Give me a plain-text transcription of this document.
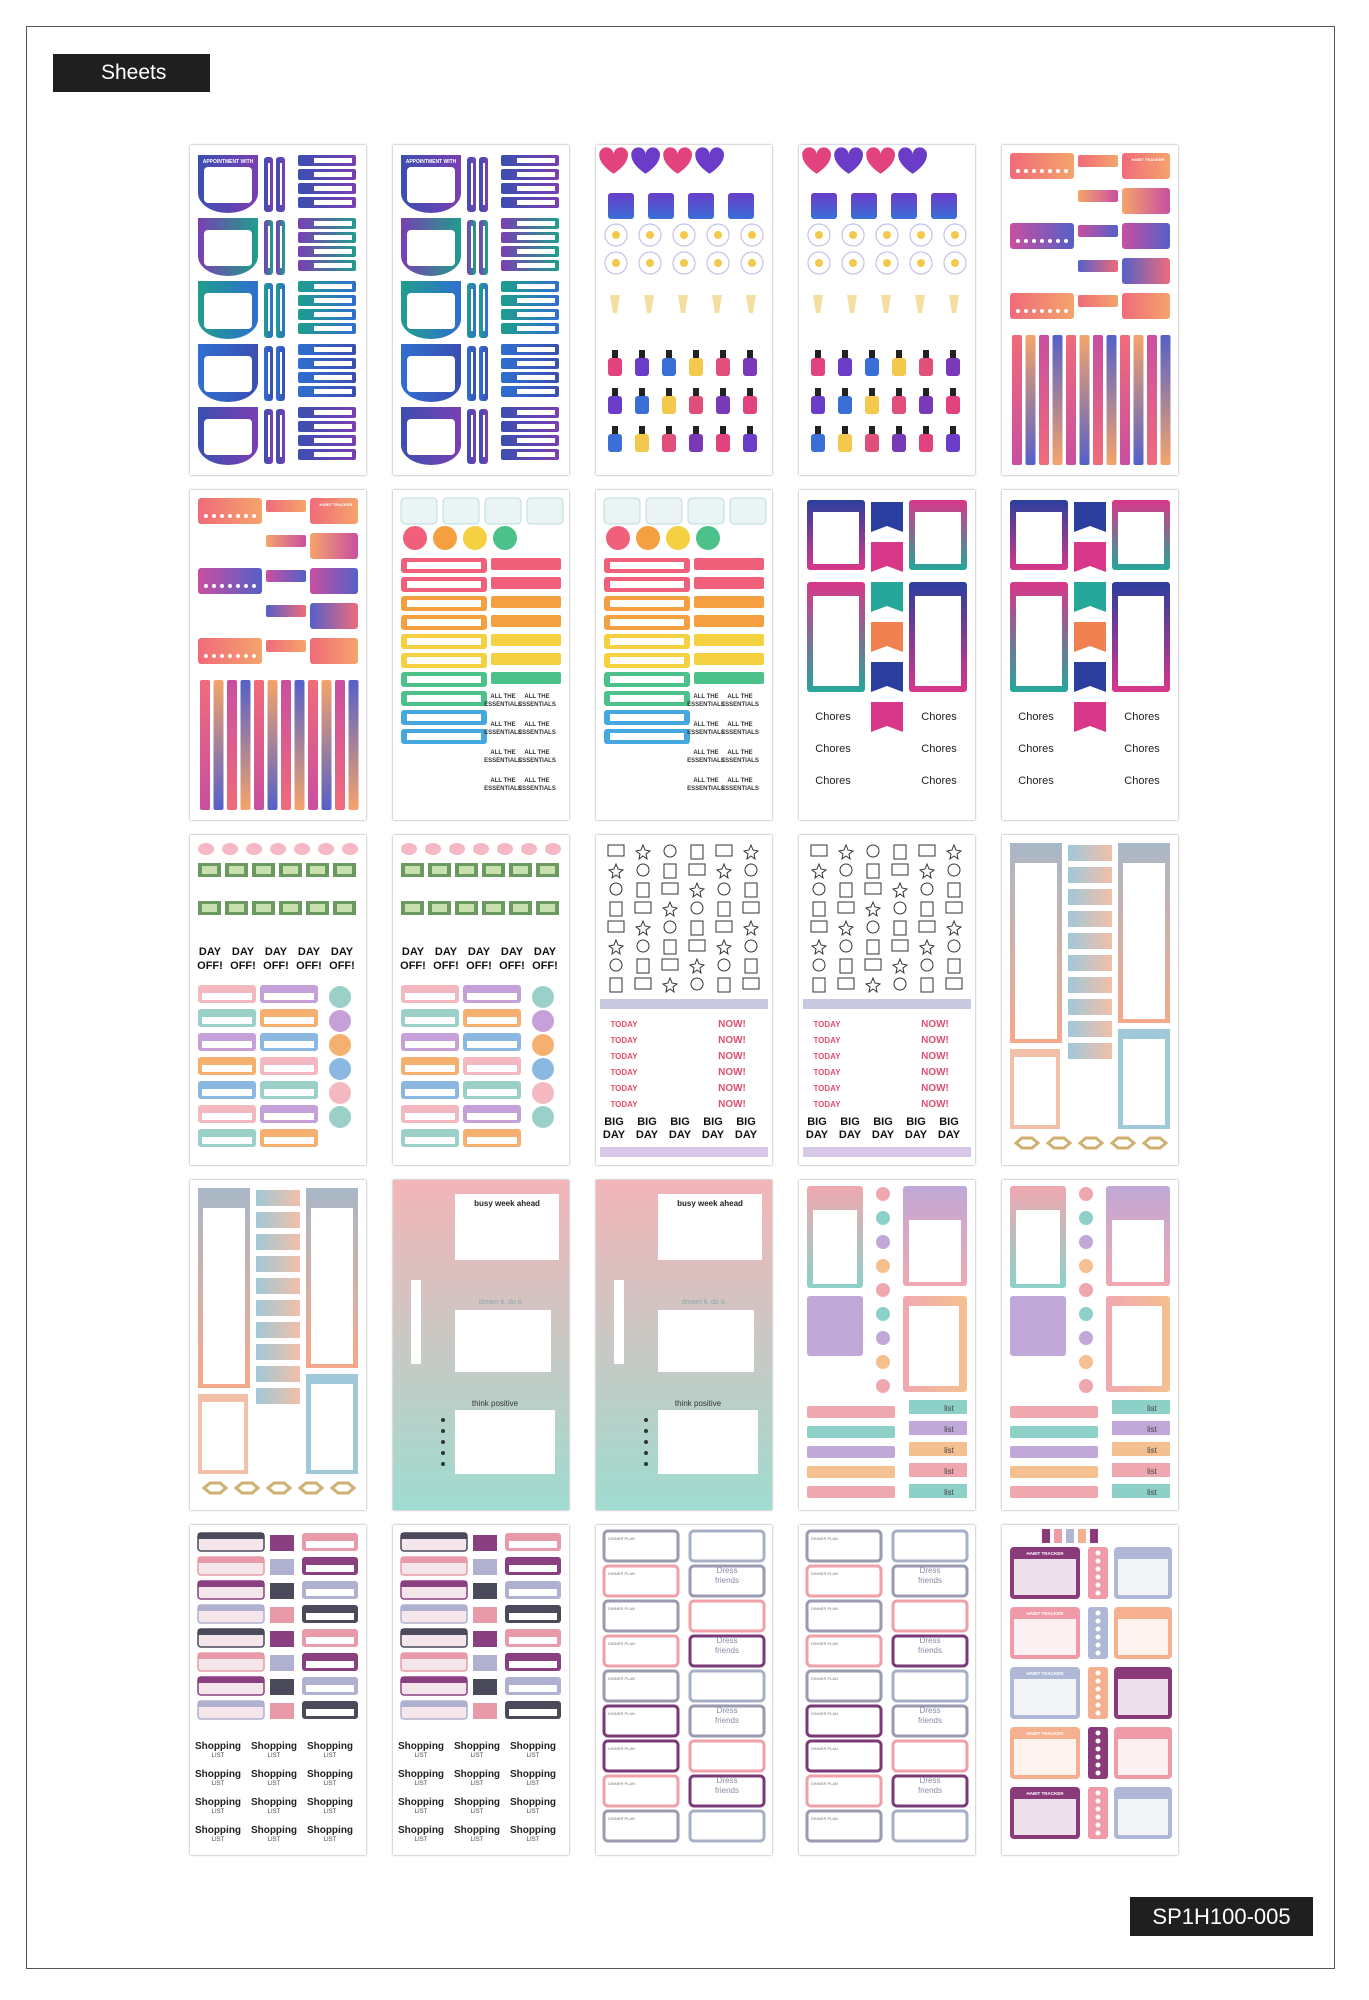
Sheets
APPOINTMENT WITH	APPOINTMENT WITH	HABIT TRACKER
HABIT TRACKER
ALL THE
ESSENTIALS
ALL THE
ESSENTIALS
ALL THE
ESSENTIALS
ALL THE
ESSENTIALS
ALL THE
ESSENTIALS
ALL THE
ESSENTIALS
ALL THE
ESSENTIALS
ALL THE
ESSENTIALS
ALL THE
ESSENTIALS
ALL THE
ESSENTIALS
ALL THE
ESSENTIALS
ALL THE
ESSENTIALS
ALL THE
ESSENTIALS
ALL THE
ESSENTIALS
ALL THE
ESSENTIALS
ALL THE
ESSENTIALS
Chores	Chores
Chores	Chores
Chores	Chores
Chores	Chores
Chores	Chores
Chores	Chores
DAY
OFF!
DAY
OFF!
DAY
OFF!
DAY
OFF!
DAY
OFF!
DAY
OFF!
DAY
OFF!
DAY
OFF!
DAY
OFF!
DAY
OFF!
TODAY	NOW!
TODAY	NOW!
TODAY	NOW!
TODAY	NOW!
TODAY	NOW!
TODAY	NOW!
BIG
DAY
BIG
DAY
BIG
DAY
BIG
DAY
BIG
DAY
TODAY	NOW!
TODAY	NOW!
TODAY	NOW!
TODAY	NOW!
TODAY	NOW!
TODAY	NOW!
BIG
DAY
BIG
DAY
BIG
DAY
BIG
DAY
BIG
DAY
busy week ahead
think positive
dream it. do it.
busy week ahead
think positive
dream it. do it.
list
list
list
list
list
list
list
list
list
list
Shopping
LIST
Shopping
LIST
Shopping
LIST
Shopping
LIST
Shopping
LIST
Shopping
LIST
Shopping
LIST
Shopping
LIST
Shopping
LIST
Shopping
LIST
Shopping
LIST
Shopping
LIST
Shopping
LIST
Shopping
LIST
Shopping
LIST
Shopping
LIST
Shopping
LIST
Shopping
LIST
Shopping
LIST
Shopping
LIST
Shopping
LIST
Shopping
LIST
Shopping
LIST
Shopping
LIST
DINNER PLAN
DINNER PLAN
DINNER PLAN
DINNER PLAN
DINNER PLAN
DINNER PLAN
DINNER PLAN
DINNER PLAN
DINNER PLAN
Dress
friends
Dress
friends
Dress
friends
Dress
friends
DINNER PLAN
DINNER PLAN
DINNER PLAN
DINNER PLAN
DINNER PLAN
DINNER PLAN
DINNER PLAN
DINNER PLAN
DINNER PLAN
Dress
friends
Dress
friends
Dress
friends
Dress
friends
HABIT TRACKER
HABIT TRACKER
HABIT TRACKER
HABIT TRACKER
HABIT TRACKER
SP1H100-005
